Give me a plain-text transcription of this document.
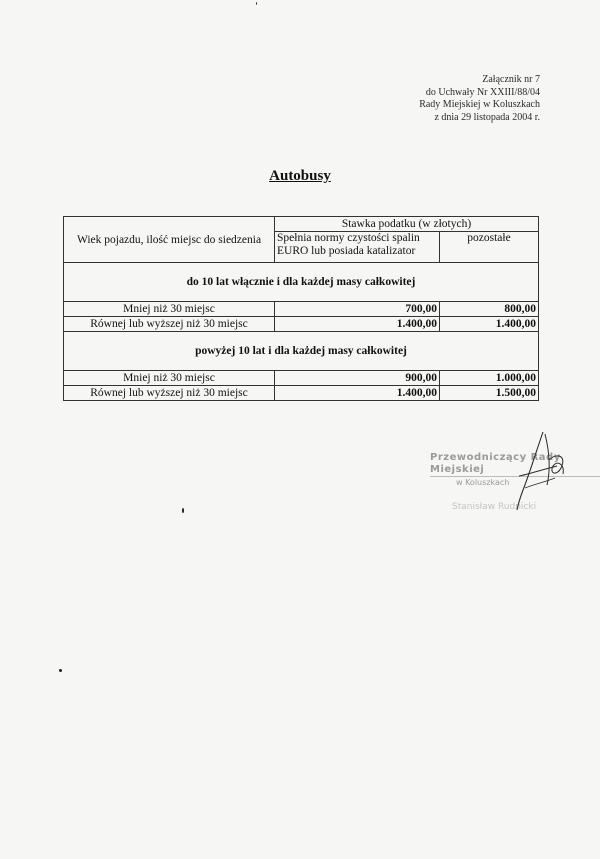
Załącznik nr 7
do Uchwały Nr XXIII/88/04
Rady Miejskiej w Koluszkach
z dnia 29 listopada 2004 r.
Autobusy
Wiek pojazdu, ilość miejsc do siedzenia	Stawka podatku (w złotych)	
	Spełnia normy czystości spalin EURO lub posiada katalizator	pozostałe
do 10 lat włącznie i dla każdej masy całkowitej		
Mniej niż 30 miejsc	700,00	800,00
Równej lub wyższej niż 30 miejsc	1.400,00	1.400,00
powyżej 10 lat i dla każdej masy całkowitej		
Mniej niż 30 miejsc	900,00	1.000,00
Równej lub wyższej niż 30 miejsc	1.400,00	1.500,00
Przewodniczący Rady Miejskiej
w Koluszkach
Stanisław Rudnicki
